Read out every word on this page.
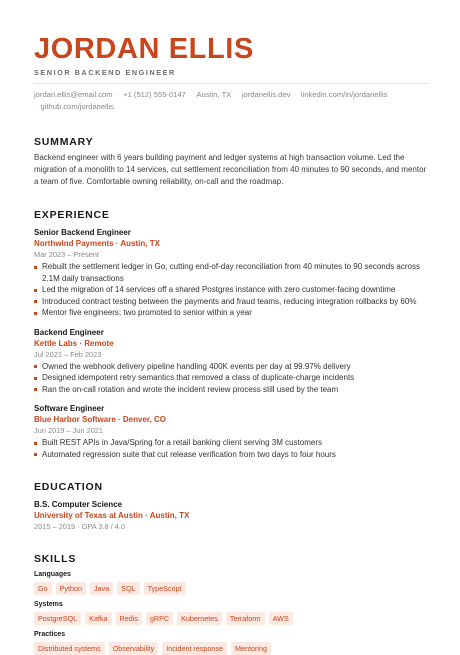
JORDAN ELLIS
SENIOR BACKEND ENGINEER
jordan.ellis@email.com · +1 (512) 555-0147 · Austin, TX · jordanellis.dev · linkedin.com/in/jordanellis
· github.com/jordanellis
SUMMARY
Backend engineer with 6 years building payment and ledger systems at high transaction volume. Led the migration of a monolith to 14 services, cut settlement reconciliation from 40 minutes to 90 seconds, and mentor a team of five. Comfortable owning reliability, on-call and the roadmap.
EXPERIENCE
Senior Backend Engineer
Northwind Payments · Austin, TX
Mar 2023 – Present
Rebuilt the settlement ledger in Go, cutting end-of-day reconciliation from 40 minutes to 90 seconds across 2.1M daily transactions
Led the migration of 14 services off a shared Postgres instance with zero customer-facing downtime
Introduced contract testing between the payments and fraud teams, reducing integration rollbacks by 60%
Mentor five engineers; two promoted to senior within a year
Backend Engineer
Kettle Labs · Remote
Jul 2021 – Feb 2023
Owned the webhook delivery pipeline handling 400K events per day at 99.97% delivery
Designed idempotent retry semantics that removed a class of duplicate-charge incidents
Ran the on-call rotation and wrote the incident review process still used by the team
Software Engineer
Blue Harbor Software · Denver, CO
Jun 2019 – Jun 2021
Built REST APIs in Java/Spring for a retail banking client serving 3M customers
Automated regression suite that cut release verification from two days to four hours
EDUCATION
B.S. Computer Science
University of Texas at Austin · Austin, TX
2015 – 2019 · GPA 3.8 / 4.0
SKILLS
Languages
Go	Python	Java	SQL	TypeScript
Systems
PostgreSQL	Kafka	Redis	gRPC	Kubernetes	Terraform	AWS
Practices
Distributed systems	Observability	Incident response	Mentoring
